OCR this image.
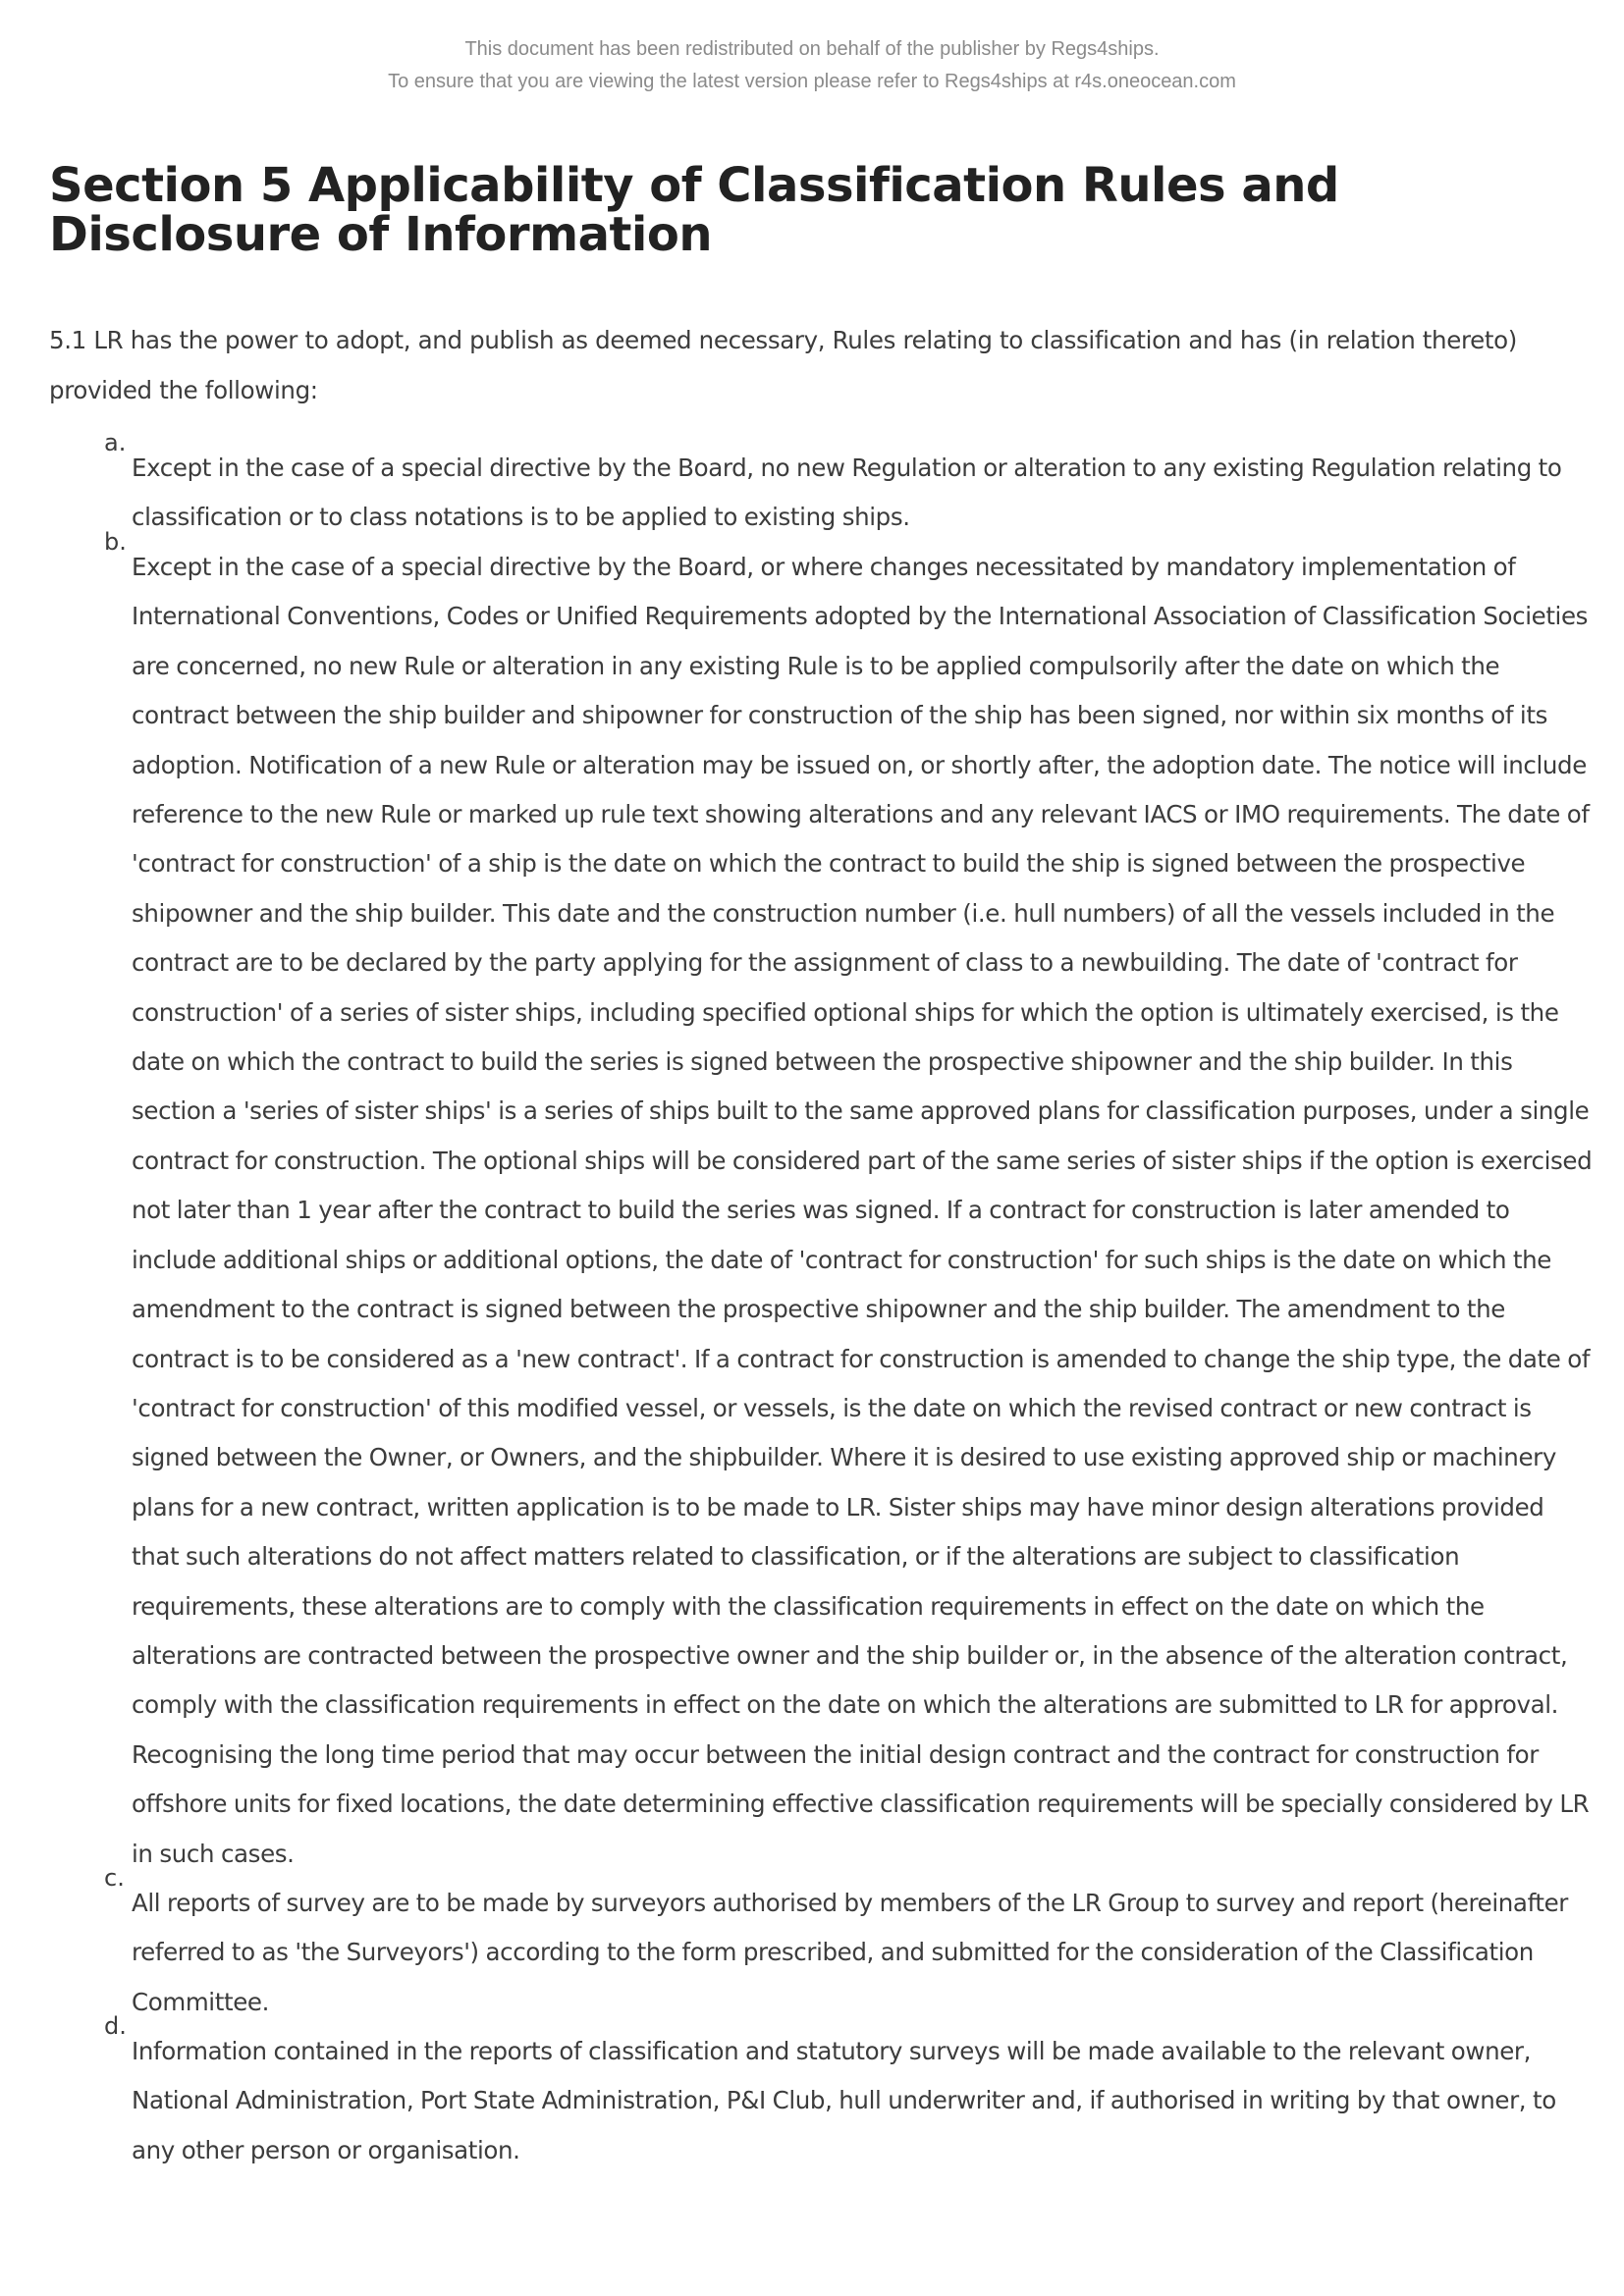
This document has been redistributed on behalf of the publisher by Regs4ships.
To ensure that you are viewing the latest version please refer to Regs4ships at r4s.oneocean.com
Section 5 Applicability of Classification Rules and Disclosure of Information

5.1 LR has the power to adopt, and publish as deemed necessary, Rules relating to classification and has (in relation thereto) provided the following:

a.

Except in the case of a special directive by the Board, no new Regulation or alteration to any existing Regulation relating to classification or to class notations is to be applied to existing ships.

b.

Except in the case of a special directive by the Board, or where changes necessitated by mandatory implementation of International Conventions, Codes or Unified Requirements adopted by the International Association of Classification Societies are concerned, no new Rule or alteration in any existing Rule is to be applied compulsorily after the date on which the contract between the ship builder and shipowner for construction of the ship has been signed, nor within six months of its adoption. Notification of a new Rule or alteration may be issued on, or shortly after, the adoption date. The notice will include reference to the new Rule or marked up rule text showing alterations and any relevant IACS or IMO requirements. The date of 'contract for construction' of a ship is the date on which the contract to build the ship is signed between the prospective shipowner and the ship builder. This date and the construction number (i.e. hull numbers) of all the vessels included in the contract are to be declared by the party applying for the assignment of class to a newbuilding. The date of 'contract for construction' of a series of sister ships, including specified optional ships for which the option is ultimately exercised, is the date on which the contract to build the series is signed between the prospective shipowner and the ship builder. In this section a 'series of sister ships' is a series of ships built to the same approved plans for classification purposes, under a single contract for construction. The optional ships will be considered part of the same series of sister ships if the option is exercised not later than 1 year after the contract to build the series was signed. If a contract for construction is later amended to include additional ships or additional options, the date of 'contract for construction' for such ships is the date on which the amendment to the contract is signed between the prospective shipowner and the ship builder. The amendment to the contract is to be considered as a 'new contract'. If a contract for construction is amended to change the ship type, the date of 'contract for construction' of this modified vessel, or vessels, is the date on which the revised contract or new contract is signed between the Owner, or Owners, and the shipbuilder. Where it is desired to use existing approved ship or machinery plans for a new contract, written application is to be made to LR. Sister ships may have minor design alterations provided that such alterations do not affect matters related to classification, or if the alterations are subject to classification requirements, these alterations are to comply with the classification requirements in effect on the date on which the alterations are contracted between the prospective owner and the ship builder or, in the absence of the alteration contract, comply with the classification requirements in effect on the date on which the alterations are submitted to LR for approval. Recognising the long time period that may occur between the initial design contract and the contract for construction for offshore units for fixed locations, the date determining effective classification requirements will be specially considered by LR in such cases.

c.

All reports of survey are to be made by surveyors authorised by members of the LR Group to survey and report (hereinafter referred to as 'the Surveyors') according to the form prescribed, and submitted for the consideration of the Classification Committee.

d.

Information contained in the reports of classification and statutory surveys will be made available to the relevant owner, National Administration, Port State Administration, P&I Club, hull underwriter and, if authorised in writing by that owner, to any other person or organisation.
